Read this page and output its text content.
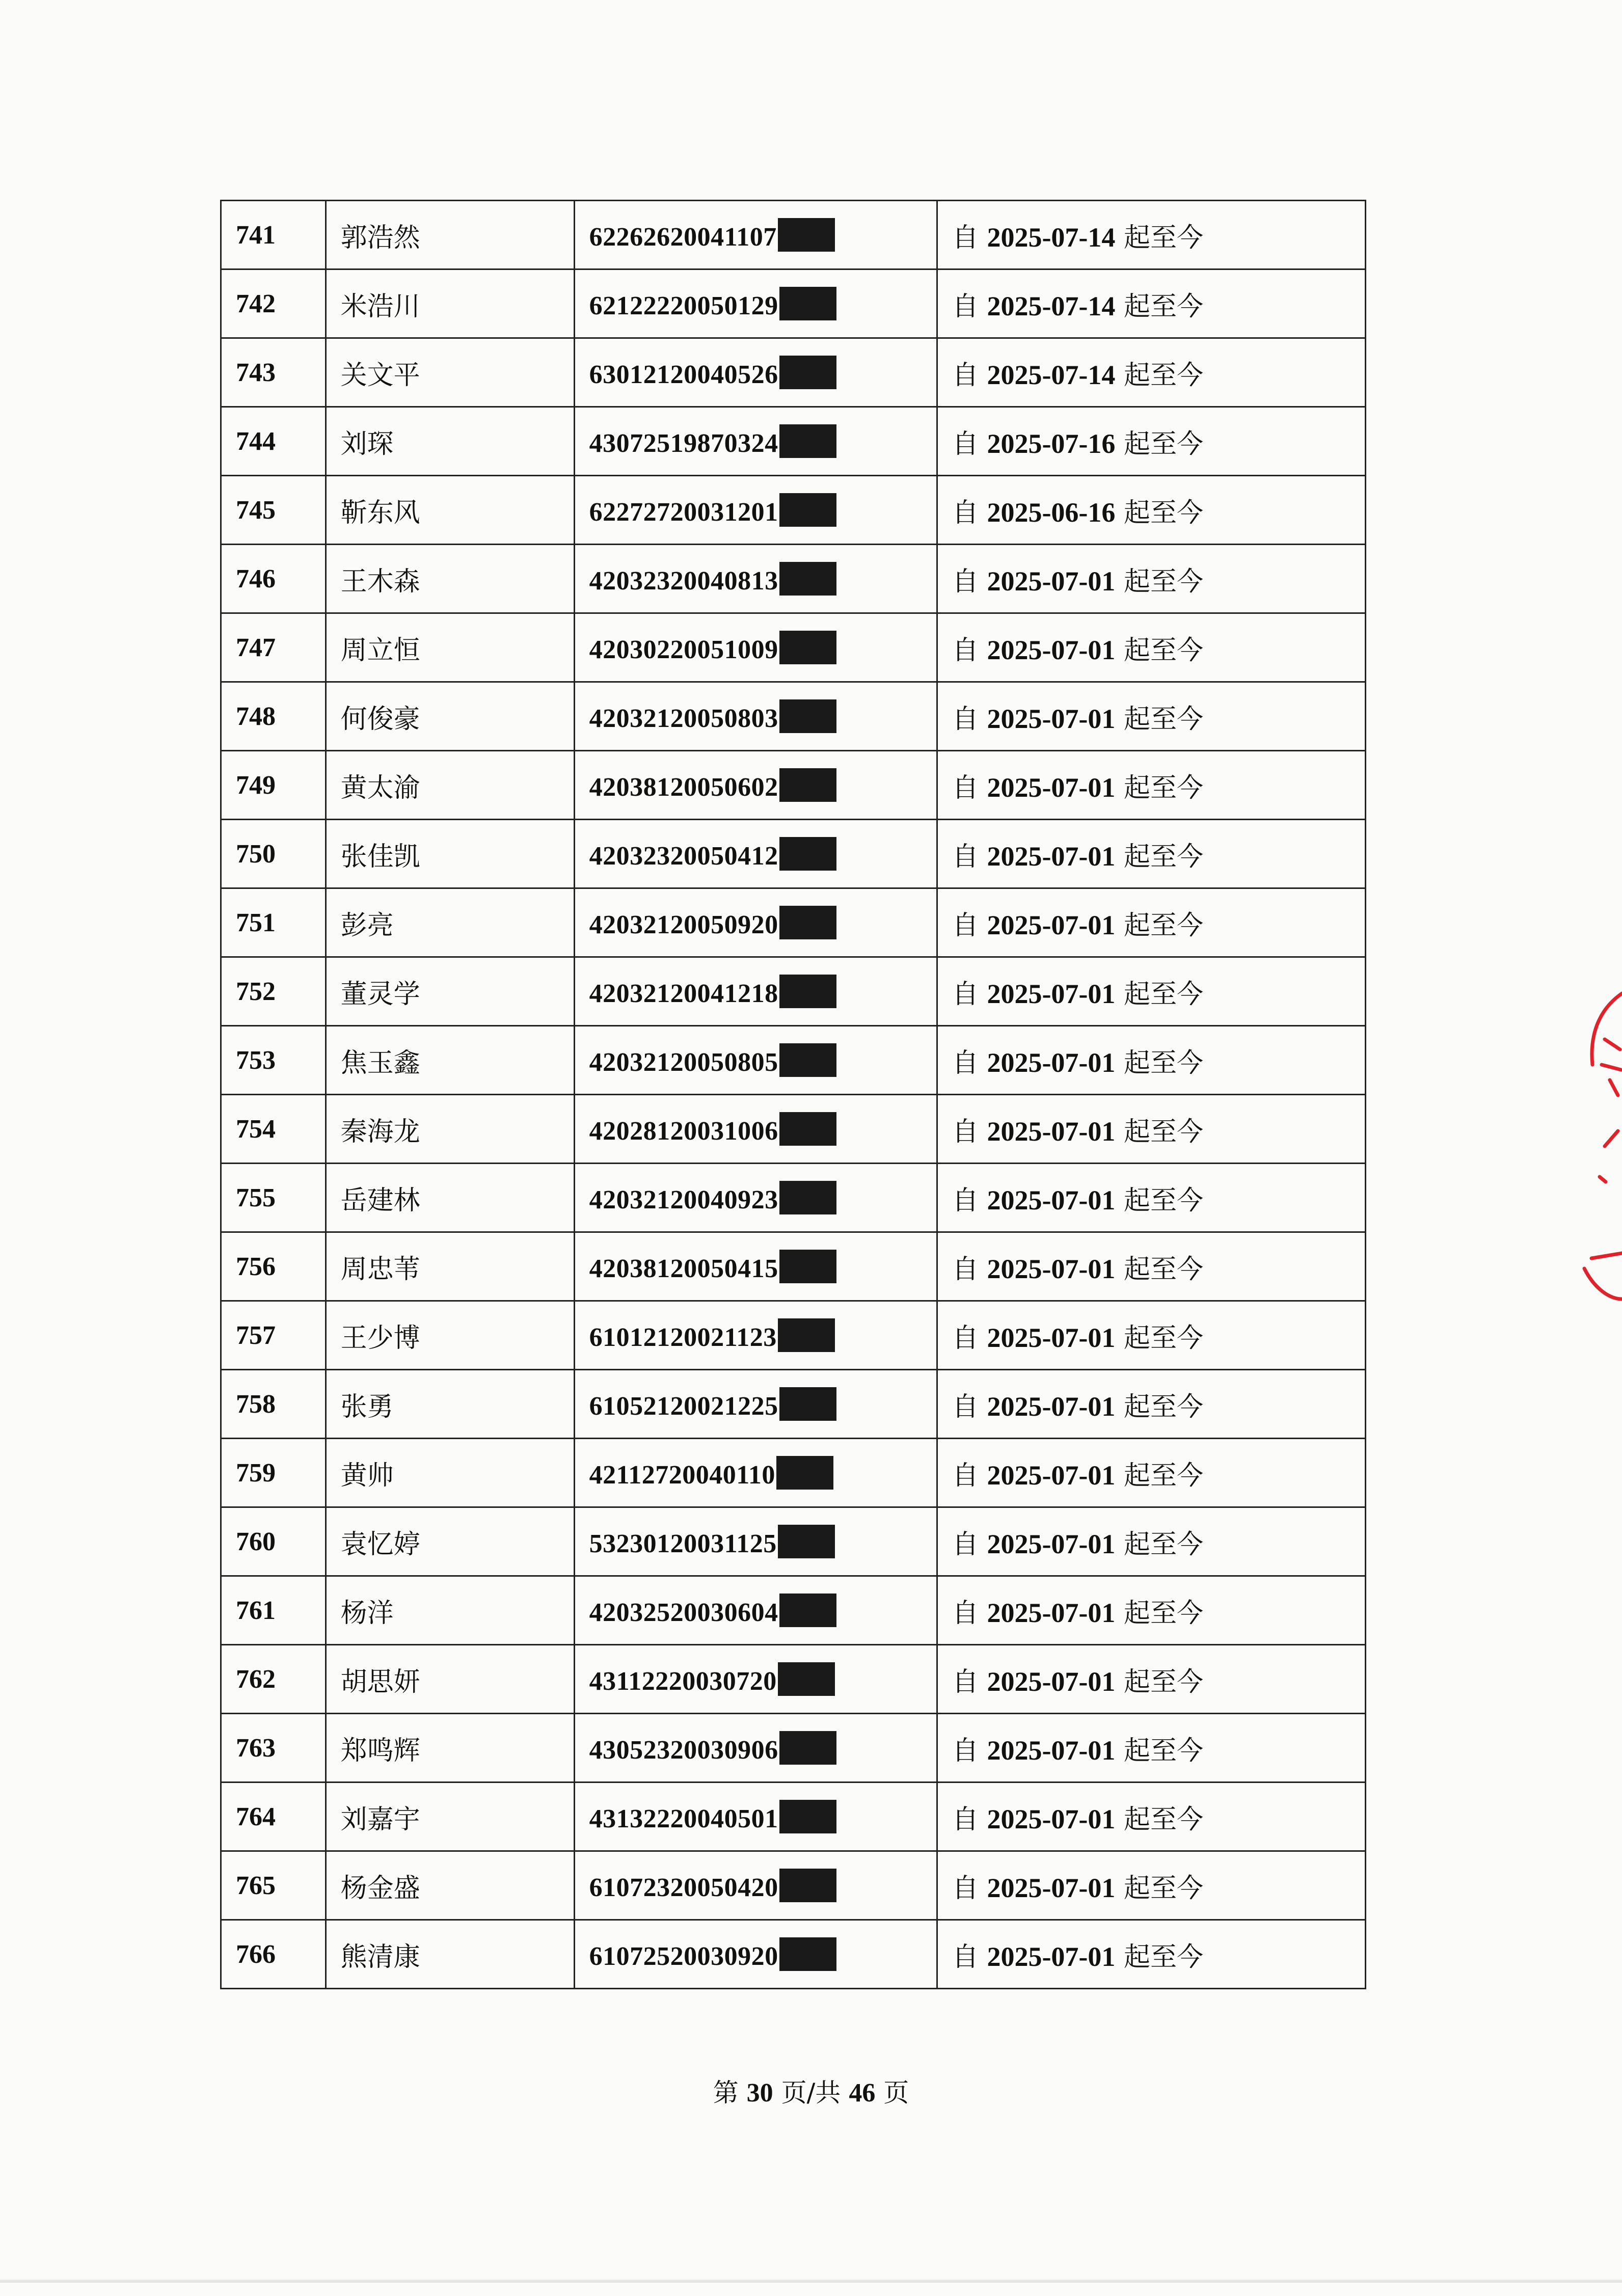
741	郭浩然	62262620041107	自 2025-07-14 起至今
742	米浩川	62122220050129	自 2025-07-14 起至今
743	关文平	63012120040526	自 2025-07-14 起至今
744	刘琛	43072519870324	自 2025-07-16 起至今
745	靳东风	62272720031201	自 2025-06-16 起至今
746	王木森	42032320040813	自 2025-07-01 起至今
747	周立恒	42030220051009	自 2025-07-01 起至今
748	何俊豪	42032120050803	自 2025-07-01 起至今
749	黄太渝	42038120050602	自 2025-07-01 起至今
750	张佳凯	42032320050412	自 2025-07-01 起至今
751	彭亮	42032120050920	自 2025-07-01 起至今
752	董灵学	42032120041218	自 2025-07-01 起至今
753	焦玉鑫	42032120050805	自 2025-07-01 起至今
754	秦海龙	42028120031006	自 2025-07-01 起至今
755	岳建林	42032120040923	自 2025-07-01 起至今
756	周忠苇	42038120050415	自 2025-07-01 起至今
757	王少博	61012120021123	自 2025-07-01 起至今
758	张勇	61052120021225	自 2025-07-01 起至今
759	黄帅	42112720040110	自 2025-07-01 起至今
760	袁忆婷	53230120031125	自 2025-07-01 起至今
761	杨洋	42032520030604	自 2025-07-01 起至今
762	胡思妍	43112220030720	自 2025-07-01 起至今
763	郑鸣辉	43052320030906	自 2025-07-01 起至今
764	刘嘉宇	43132220040501	自 2025-07-01 起至今
765	杨金盛	61072320050420	自 2025-07-01 起至今
766	熊清康	61072520030920	自 2025-07-01 起至今
第 30 页/共 46 页
